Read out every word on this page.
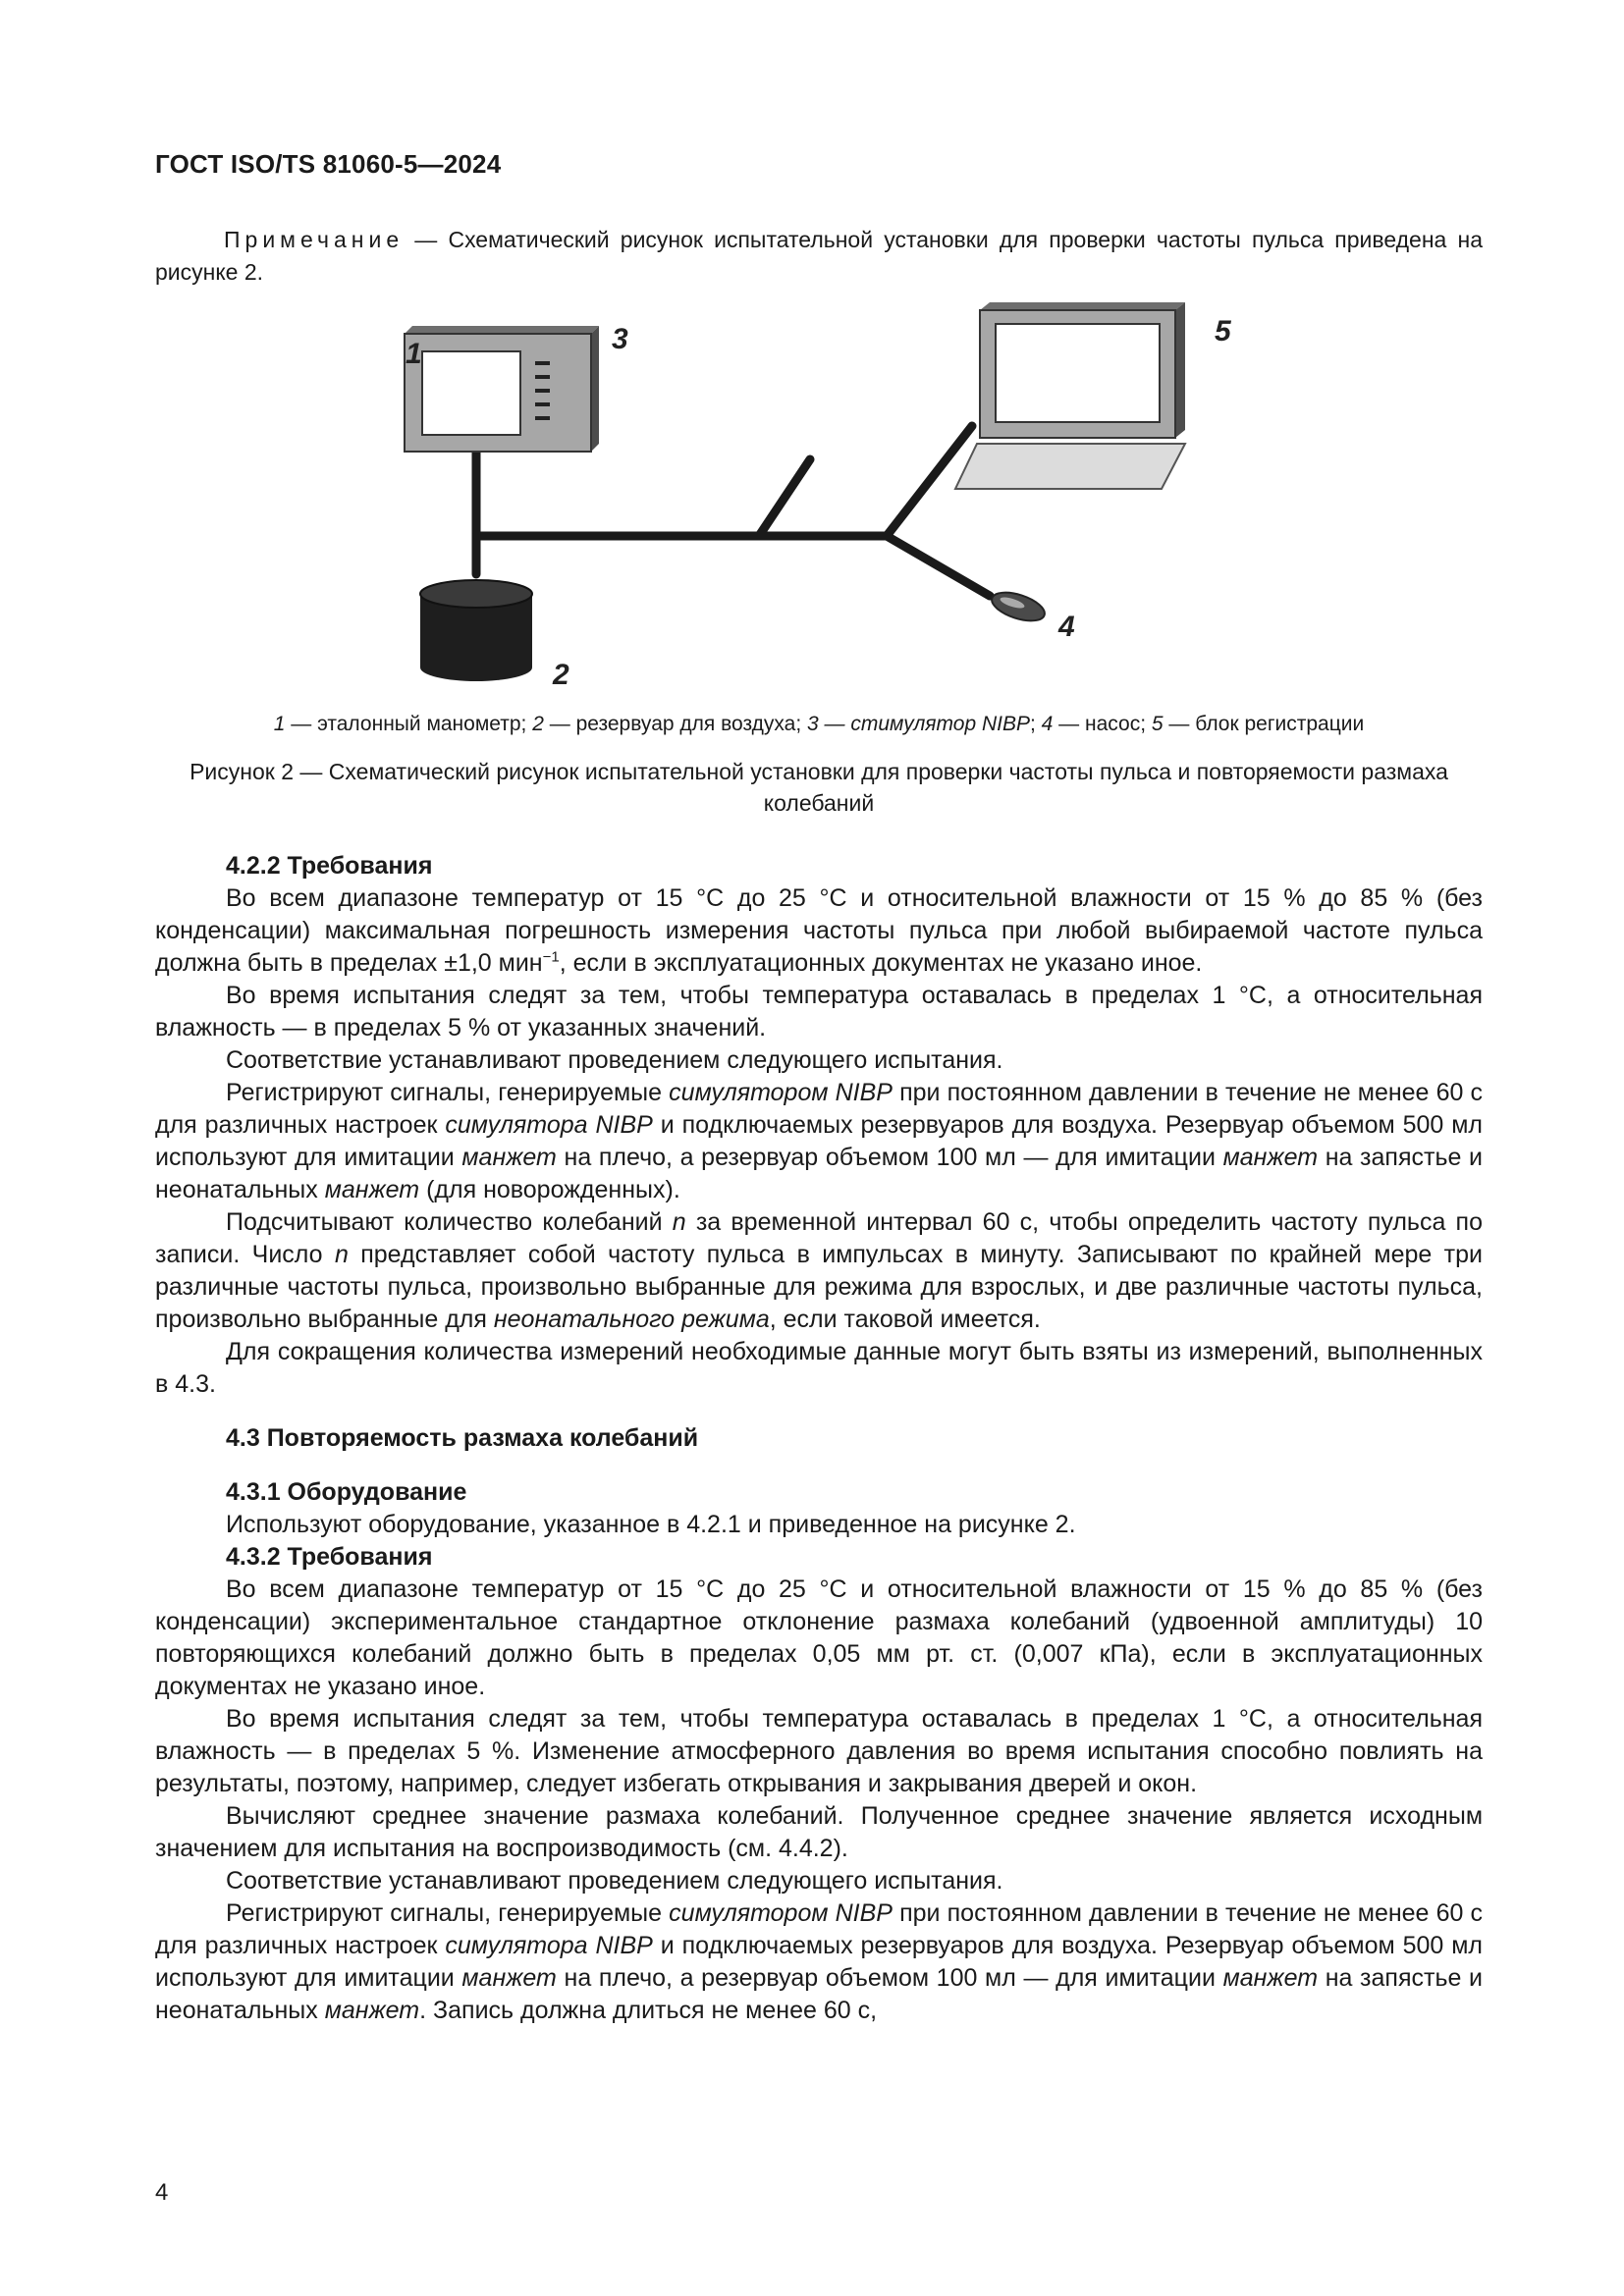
ГОСТ ISO/TS 81060-5—2024
Примечание — Схематический рисунок испытательной установки для проверки частоты пульса приведена на рисунке 2.
1
2
3
4
5
1 — эталонный манометр; 2 — резервуар для воздуха; 3 — стимулятор NIBP; 4 — насос; 5 — блок регистрации
Рисунок 2 — Схематический рисунок испытательной установки для проверки частоты пульса и повторяемости размаха колебаний
4.2.2 Требования

Во всем диапазоне температур от 15 °С до 25 °С и относительной влажности от 15 % до 85 % (без конденсации) максимальная погрешность измерения частоты пульса при любой выбираемой частоте пульса должна быть в пределах ±1,0 мин$^{-1}$, если в эксплуатационных документах не указано иное.

Во время испытания следят за тем, чтобы температура оставалась в пределах 1 °С, а относительная влажность — в пределах 5 % от указанных значений.

Соответствие устанавливают проведением следующего испытания.

Регистрируют сигналы, генерируемые симулятором NIBP при постоянном давлении в течение не менее 60 с для различных настроек симулятора NIBP и подключаемых резервуаров для воздуха. Резервуар объемом 500 мл используют для имитации манжет на плечо, а резервуар объемом 100 мл — для имитации манжет на запястье и неонатальных манжет (для новорожденных).

Подсчитывают количество колебаний n за временной интервал 60 с, чтобы определить частоту пульса по записи. Число n представляет собой частоту пульса в импульсах в минуту. Записывают по крайней мере три различные частоты пульса, произвольно выбранные для режима для взрослых, и две различные частоты пульса, произвольно выбранные для неонатального режима, если таковой имеется.

Для сокращения количества измерений необходимые данные могут быть взяты из измерений, выполненных в 4.3.

4.3 Повторяемость размаха колебаний
4.3.1 Оборудование

Используют оборудование, указанное в 4.2.1 и приведенное на рисунке 2.

4.3.2 Требования

Во всем диапазоне температур от 15 °С до 25 °С и относительной влажности от 15 % до 85 % (без конденсации) экспериментальное стандартное отклонение размаха колебаний (удвоенной амплитуды) 10 повторяющихся колебаний должно быть в пределах 0,05 мм рт. ст. (0,007 кПа), если в эксплуатационных документах не указано иное.

Во время испытания следят за тем, чтобы температура оставалась в пределах 1 °С, а относительная влажность — в пределах 5 %. Изменение атмосферного давления во время испытания способно повлиять на результаты, поэтому, например, следует избегать открывания и закрывания дверей и окон.

Вычисляют среднее значение размаха колебаний. Полученное среднее значение является исходным значением для испытания на воспроизводимость (см. 4.4.2).

Соответствие устанавливают проведением следующего испытания.

Регистрируют сигналы, генерируемые симулятором NIBP при постоянном давлении в течение не менее 60 с для различных настроек симулятора NIBP и подключаемых резервуаров для воздуха. Резервуар объемом 500 мл используют для имитации манжет на плечо, а резервуар объемом 100 мл — для имитации манжет на запястье и неонатальных манжет. Запись должна длиться не менее 60 с,

4
